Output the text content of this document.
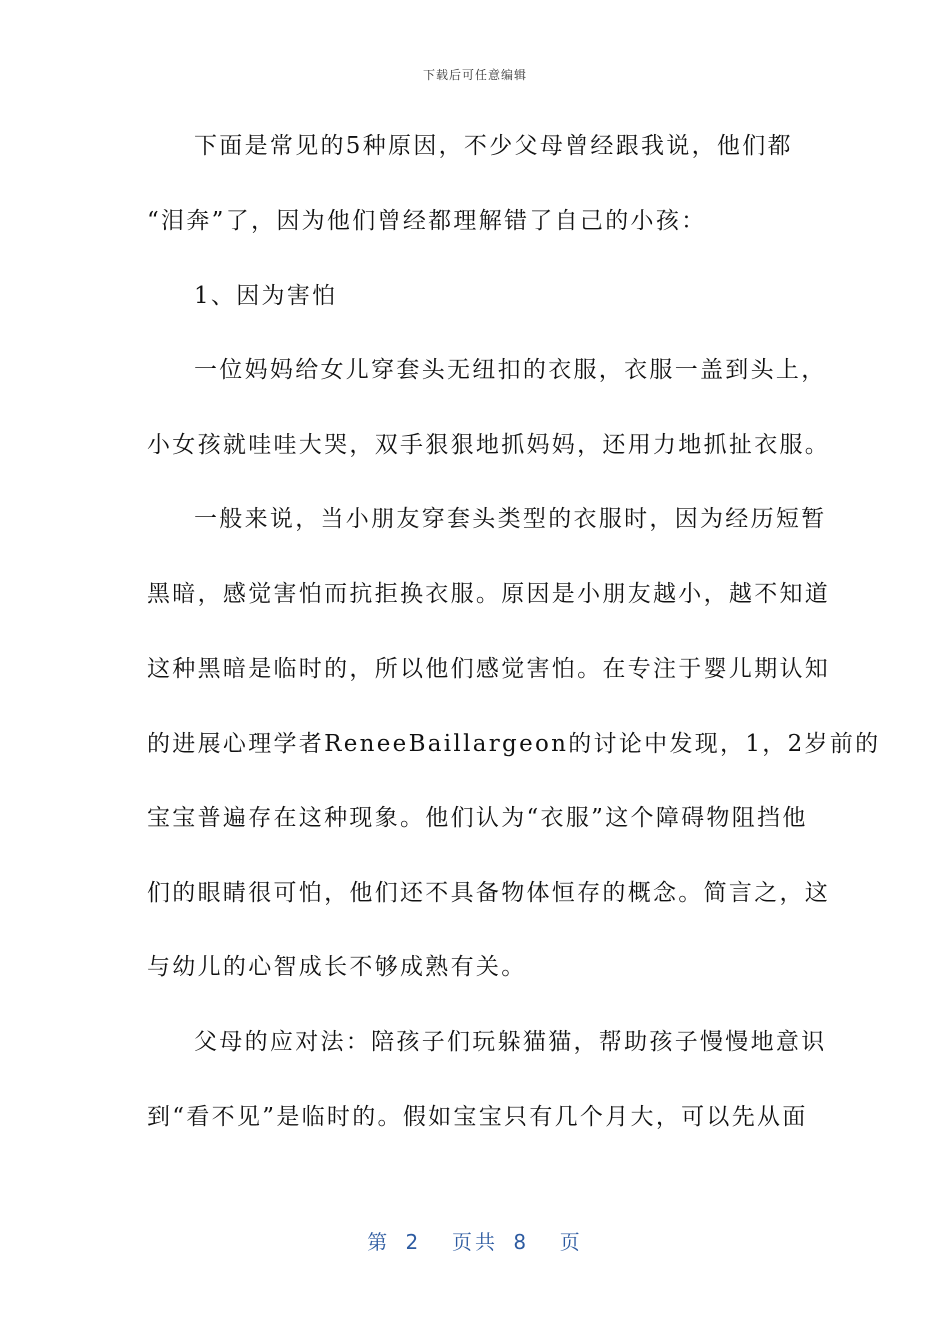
下载后可任意编辑
下面是常见的5种原因，不少父母曾经跟我说，他们都
“泪奔”了，因为他们曾经都理解错了自己的小孩：
1、因为害怕
一位妈妈给女儿穿套头无纽扣的衣服，衣服一盖到头上，
小女孩就哇哇大哭，双手狠狠地抓妈妈，还用力地抓扯衣服。
一般来说，当小朋友穿套头类型的衣服时，因为经历短暂
黑暗，感觉害怕而抗拒换衣服。原因是小朋友越小，越不知道
这种黑暗是临时的，所以他们感觉害怕。在专注于婴儿期认知
的进展心理学者ReneeBaillargeon的讨论中发现，1，2岁前的
宝宝普遍存在这种现象。他们认为“衣服”这个障碍物阻挡他
们的眼睛很可怕，他们还不具备物体恒存的概念。简言之，这
与幼儿的心智成长不够成熟有关。
父母的应对法：陪孩子们玩躲猫猫，帮助孩子慢慢地意识
到“看不见”是临时的。假如宝宝只有几个月大，可以先从面
第 2  页共 8  页
